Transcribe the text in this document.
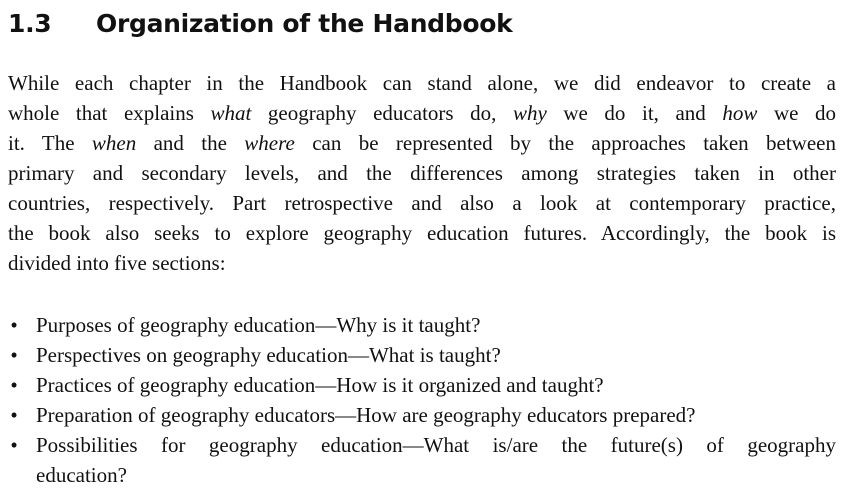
1.3 Organization of the Handbook
While each chapter in the Handbook can stand alone, we did endeavor to create a
whole that explains what geography educators do, why we do it, and how we do
it. The when and the where can be represented by the approaches taken between
primary and secondary levels, and the differences among strategies taken in other
countries, respectively. Part retrospective and also a look at contemporary practice,
the book also seeks to explore geography education futures. Accordingly, the book is
divided into five sections:
• Purposes of geography education—Why is it taught?
• Perspectives on geography education—What is taught?
• Practices of geography education—How is it organized and taught?
• Preparation of geography educators—How are geography educators prepared?
• Possibilities for geography education—What is/are the future(s) of geography
education?
